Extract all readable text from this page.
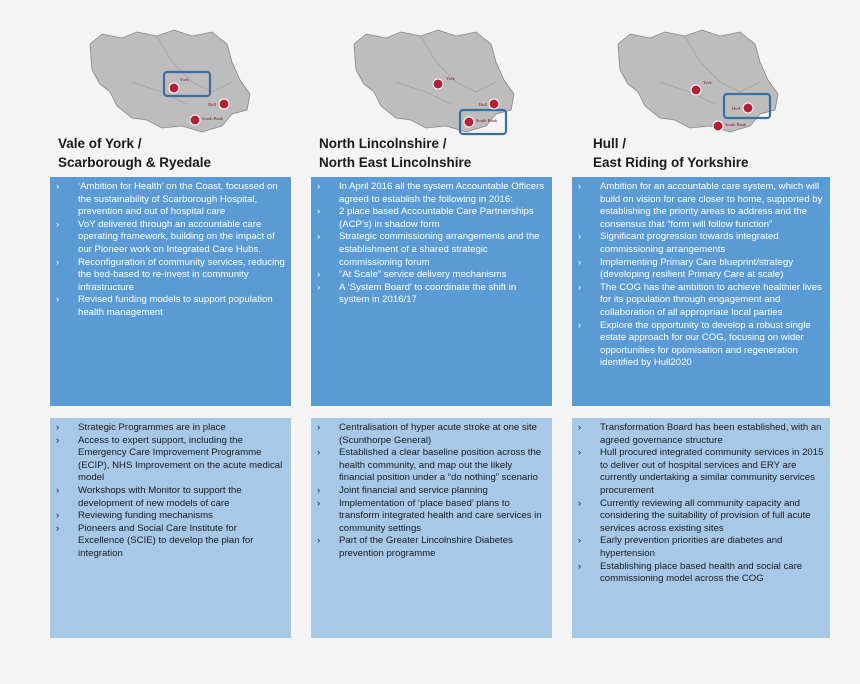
York
Hull
South Bank
York
Hull
South Bank
York
Hull
South Bank
Vale of York /
Scarborough & Ryedale
North Lincolnshire /
North East Lincolnshire
Hull /
East Riding of Yorkshire
› ‘Ambition for Health’ on the Coast, focussed on the sustainability of Scarborough Hospital, prevention and out of hospital care
› VoY delivered through an accountable care operating framework, building on the impact of our Pioneer work on Integrated Care Hubs.
› Reconfiguration of community services, reducing the bed-based to re-invest in community infrastructure
› Revised funding models to support population health management
› In April 2016 all the system Accountable Officers agreed to establish the following in 2016:
› 2 place based Accountable Care Partnerships (ACP’s) in shadow form
› Strategic commissioning arrangements and the establishment of a shared strategic commissioning forum
› “At Scale” service delivery mechanisms
› A ‘System Board’ to coordinate the shift in system in 2016/17
› Ambition for an accountable care system, which will build on vision for care closer to home, supported by establishing the priority areas to address and the consensus that “form will follow function”
› Significant progression towards integrated commissioning arrangements
› Implementing Primary Care blueprint/strategy (developing resilient Primary Care at scale)
› The COG has the ambition to achieve healthier lives for its population through engagement and collaboration of all appropriate local parties
› Explore the opportunity to develop a robust single estate approach for our COG, focusing on wider opportunities for optimisation and regeneration identified by Hull2020
› Strategic Programmes are in place
› Access to expert support, including the Emergency Care Improvement Programme (ECIP), NHS Improvement on the acute medical model
› Workshops with Monitor to support the development of new models of care
› Reviewing funding mechanisms
› Pioneers and Social Care Institute for Excellence (SCIE) to develop the plan for integration
› Centralisation of hyper acute stroke at one site (Scunthorpe General)
› Established a clear baseline position across the health community, and map out the likely financial position under a “do nothing” scenario
› Joint financial and service planning
› Implementation of ‘place based’ plans to transform integrated health and care services in community settings
› Part of the Greater Lincolnshire Diabetes prevention programme
› Transformation Board has been established, with an agreed governance structure
› Hull procured integrated community services in 2015 to deliver out of hospital services and ERY are currently undertaking a similar community services procurement
› Currently reviewing all community capacity and considering the suitability of provision of full acute services across existing sites
› Early prevention priorities are diabetes and hypertension
› Establishing place based health and social care commissioning model across the COG
